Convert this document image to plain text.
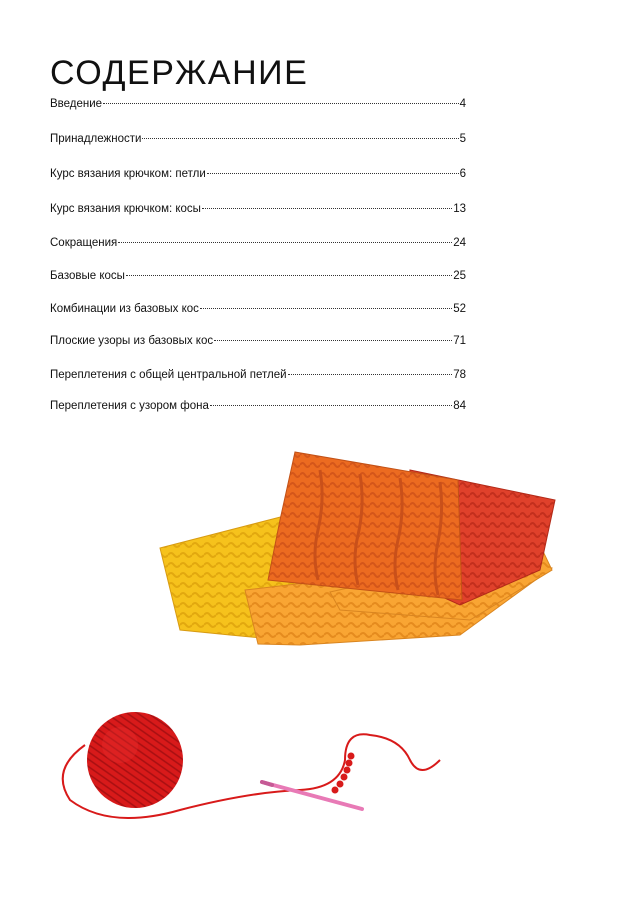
СОДЕРЖАНИЕ
Введение	4
Принадлежности	5
Курс вязания крючком: петли	6
Курс вязания крючком: косы	13
Сокращения	24
Базовые косы	25
Комбинации из базовых кос	52
Плоские узоры из базовых кос	71
Переплетения с общей центральной петлей	78
Переплетения с узором фона	84
